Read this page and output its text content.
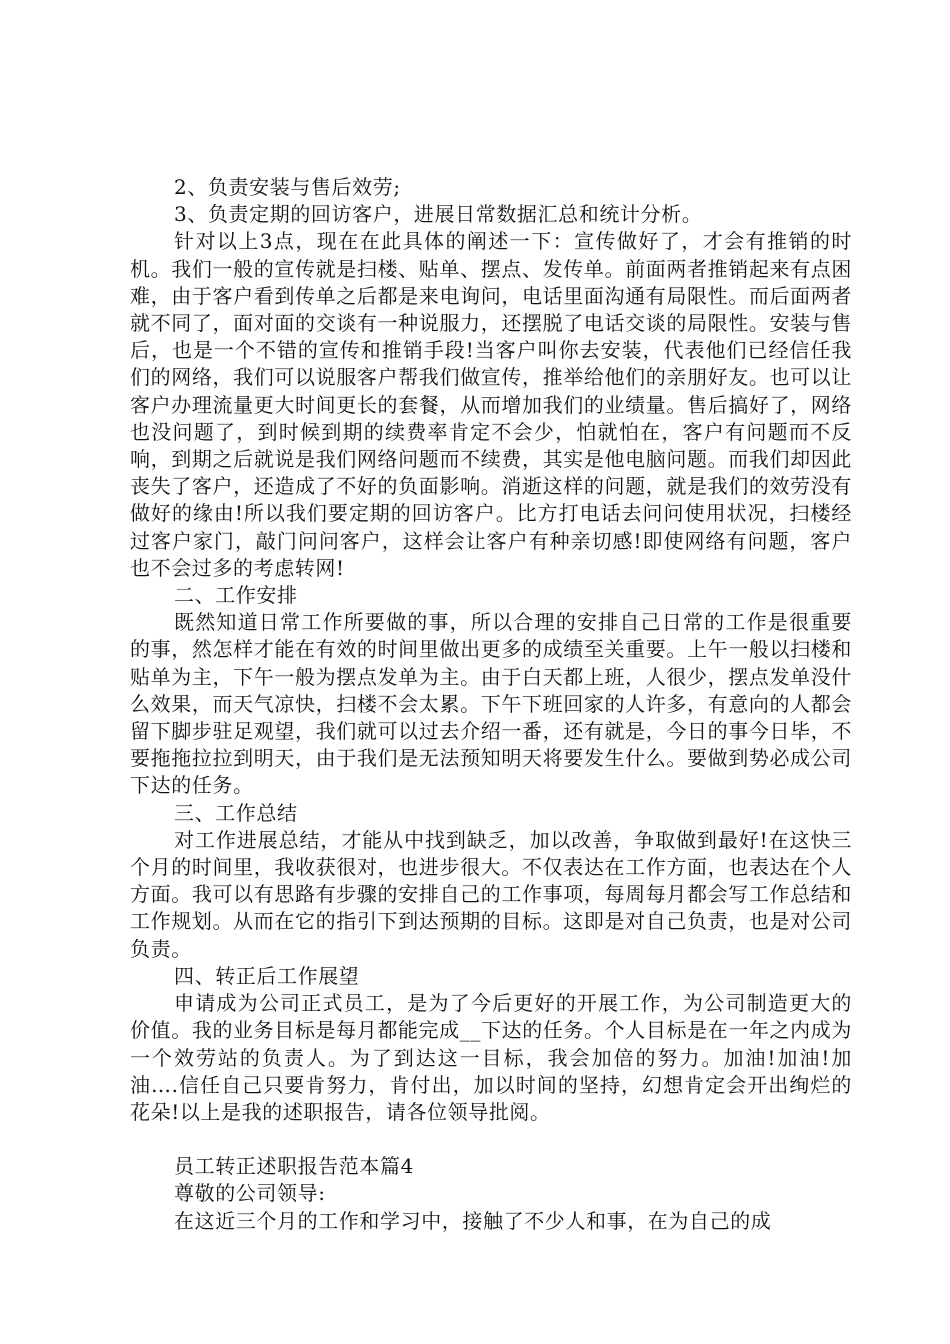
2、负责安装与售后效劳;

3、负责定期的回访客户，进展日常数据汇总和统计分析。

针对以上3点，现在在此具体的阐述一下：宣传做好了，才会有推销的时机。我们一般的宣传就是扫楼、贴单、摆点、发传单。前面两者推销起来有点困难，由于客户看到传单之后都是来电询问，电话里面沟通有局限性。而后面两者就不同了，面对面的交谈有一种说服力，还摆脱了电话交谈的局限性。安装与售后，也是一个不错的宣传和推销手段!当客户叫你去安装，代表他们已经信任我们的网络，我们可以说服客户帮我们做宣传，推举给他们的亲朋好友。也可以让客户办理流量更大时间更长的套餐，从而增加我们的业绩量。售后搞好了，网络也没问题了，到时候到期的续费率肯定不会少，怕就怕在，客户有问题而不反响，到期之后就说是我们网络问题而不续费，其实是他电脑问题。而我们却因此丧失了客户，还造成了不好的负面影响。消逝这样的问题，就是我们的效劳没有做好的缘由!所以我们要定期的回访客户。比方打电话去问问使用状况，扫楼经过客户家门，敲门问问客户，这样会让客户有种亲切感!即使网络有问题，客户也不会过多的考虑转网!

二、工作安排

既然知道日常工作所要做的事，所以合理的安排自己日常的工作是很重要的事，然怎样才能在有效的时间里做出更多的成绩至关重要。上午一般以扫楼和贴单为主，下午一般为摆点发单为主。由于白天都上班，人很少，摆点发单没什么效果，而天气凉快，扫楼不会太累。下午下班回家的人许多，有意向的人都会留下脚步驻足观望，我们就可以过去介绍一番，还有就是，今日的事今日毕，不要拖拖拉拉到明天，由于我们是无法预知明天将要发生什么。要做到势必成公司下达的任务。

三、工作总结

对工作进展总结，才能从中找到缺乏，加以改善，争取做到最好!在这快三个月的时间里，我收获很对，也进步很大。不仅表达在工作方面，也表达在个人方面。我可以有思路有步骤的安排自己的工作事项，每周每月都会写工作总结和工作规划。从而在它的指引下到达预期的目标。这即是对自己负责，也是对公司负责。

四、转正后工作展望

申请成为公司正式员工，是为了今后更好的开展工作，为公司制造更大的价值。我的业务目标是每月都能完成__下达的任务。个人目标是在一年之内成为一个效劳站的负责人。为了到达这一目标，我会加倍的努力。加油!加油!加油….信任自己只要肯努力，肯付出，加以时间的坚持，幻想肯定会开出绚烂的花朵!以上是我的述职报告，请各位领导批阅。

员工转正述职报告范本篇4

尊敬的公司领导:

在这近三个月的工作和学习中，接触了不少人和事，在为自己的成
